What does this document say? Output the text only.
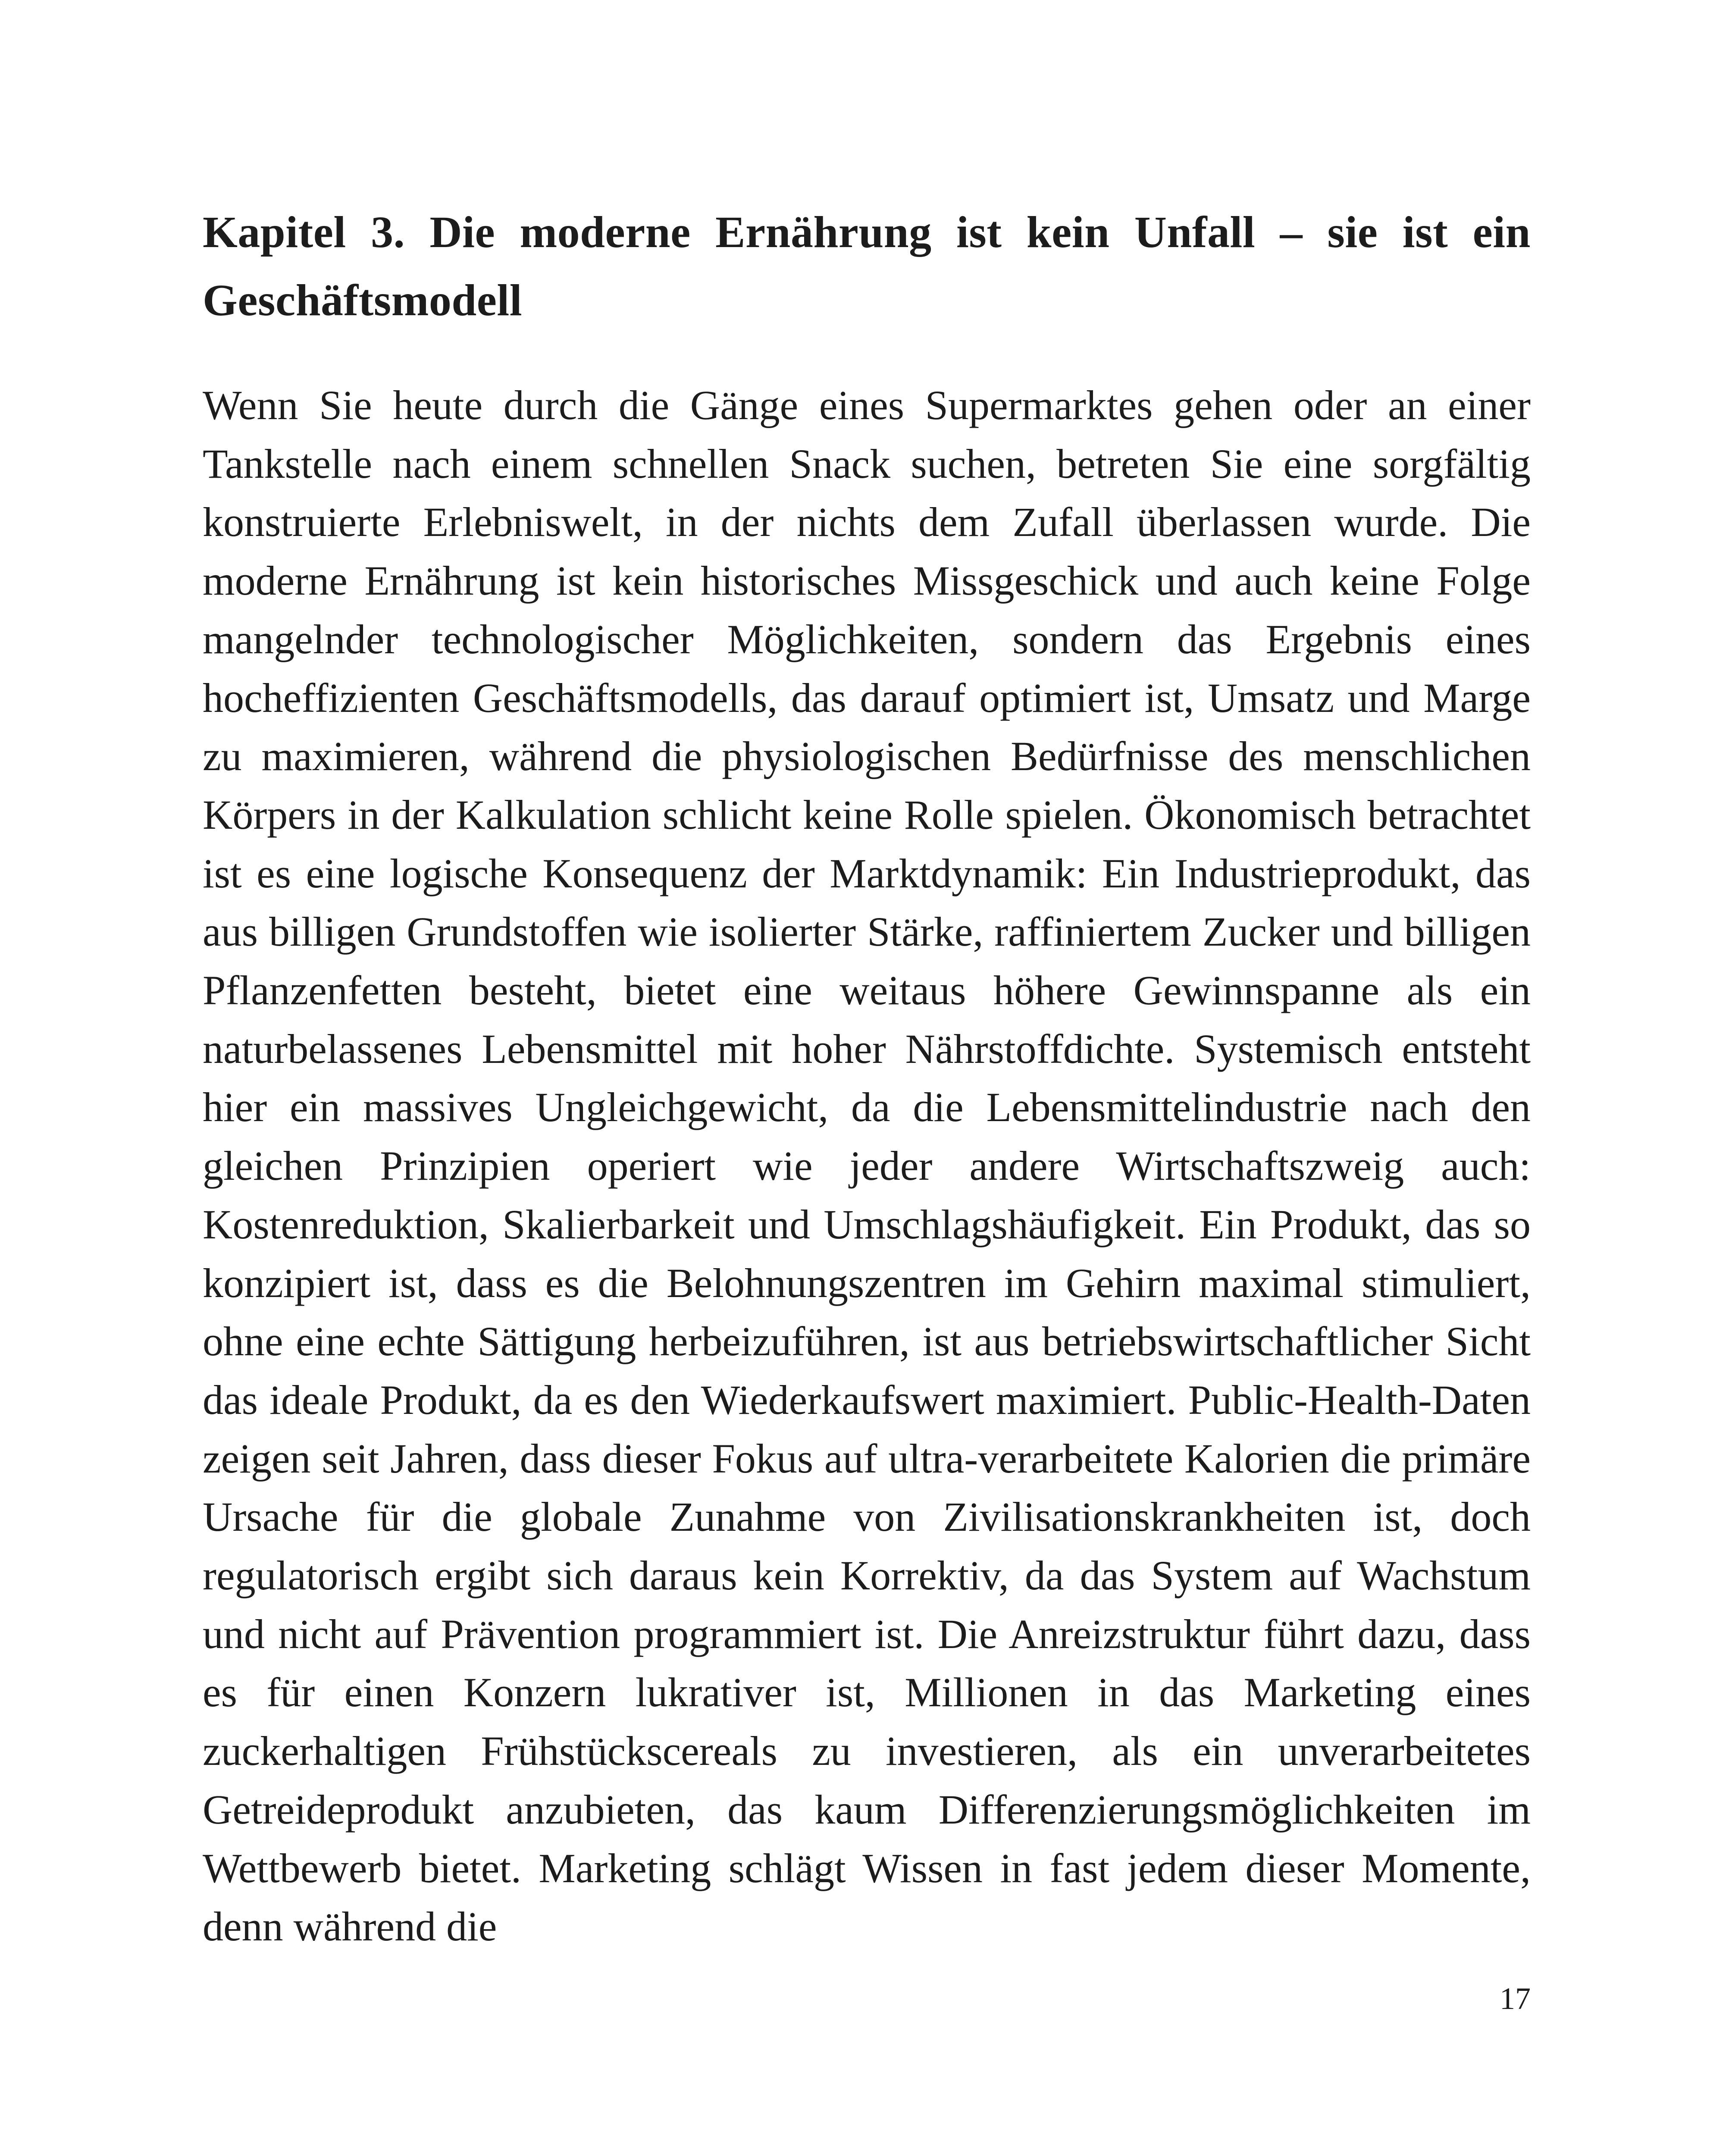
Kapitel 3. Die moderne Ernährung ist kein Unfall – sie ist ein Geschäftsmodell

Wenn Sie heute durch die Gänge eines Supermarktes gehen oder an einer Tankstelle nach einem schnellen Snack suchen, betreten Sie eine sorgfältig konstruierte Erlebniswelt, in der nichts dem Zufall überlassen wurde. Die moderne Ernährung ist kein historisches Missgeschick und auch keine Folge mangelnder technologischer Möglichkeiten, sondern das Ergebnis eines hocheffizienten Geschäftsmodells, das darauf optimiert ist, Umsatz und Marge zu maximieren, während die physiologischen Bedürfnisse des menschlichen Körpers in der Kalkulation schlicht keine Rolle spielen. Ökonomisch betrachtet ist es eine logische Konsequenz der Marktdynamik: Ein Industrieprodukt, das aus billigen Grundstoffen wie isolierter Stärke, raffiniertem Zucker und billigen Pflanzenfetten besteht, bietet eine weitaus höhere Gewinnspanne als ein naturbelassenes Lebensmittel mit hoher Nährstoffdichte. Systemisch entsteht hier ein massives Ungleichgewicht, da die Lebensmittelindustrie nach den gleichen Prinzipien operiert wie jeder andere Wirtschaftszweig auch: Kostenreduktion, Skalierbarkeit und Umschlagshäufigkeit. Ein Produkt, das so konzipiert ist, dass es die Belohnungszentren im Gehirn maximal stimuliert, ohne eine echte Sättigung herbeizuführen, ist aus betriebswirtschaftlicher Sicht das ideale Produkt, da es den Wiederkaufswert maximiert. Public-Health-Daten zeigen seit Jahren, dass dieser Fokus auf ultra-verarbeitete Kalorien die primäre Ursache für die globale Zunahme von Zivilisationskrankheiten ist, doch regulatorisch ergibt sich daraus kein Korrektiv, da das System auf Wachstum und nicht auf Prävention programmiert ist. Die Anreizstruktur führt dazu, dass es für einen Konzern lukrativer ist, Millionen in das Marketing eines zuckerhaltigen Frühstückscereals zu investieren, als ein unverarbeitetes Getreideprodukt anzubieten, das kaum Differenzierungsmöglichkeiten im Wettbewerb bietet. Marketing schlägt Wissen in fast jedem dieser Momente, denn während die

17
